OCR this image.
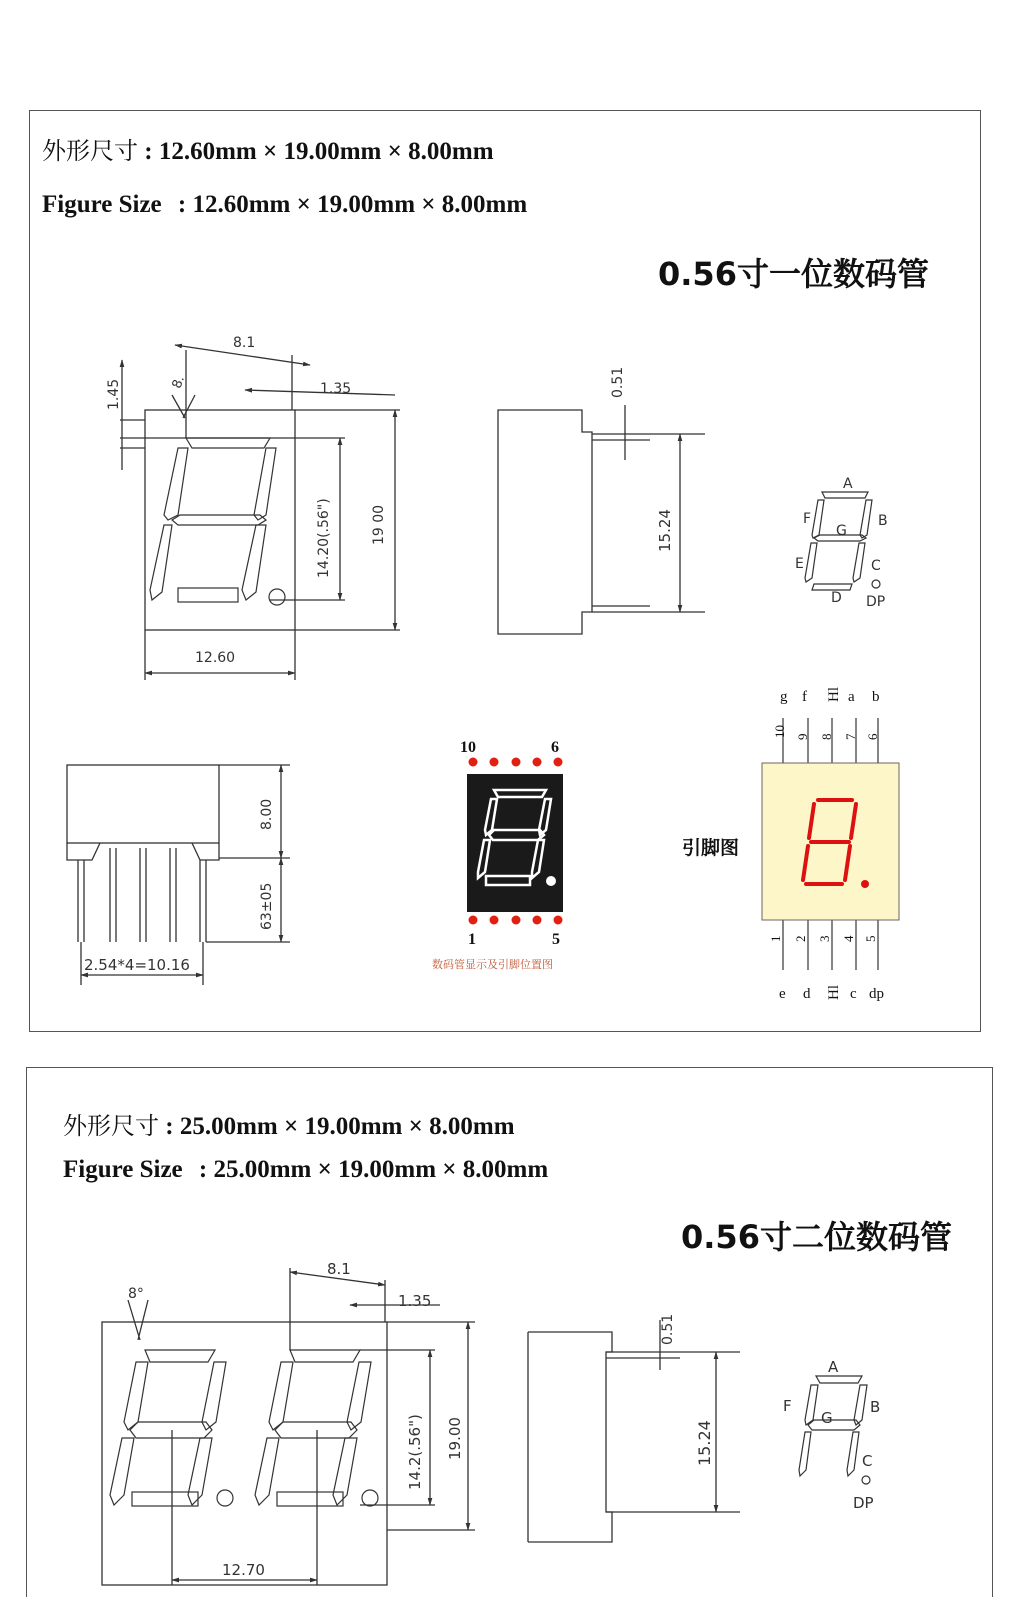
外形尺寸 : 12.60mm × 19.00mm × 8.00mm
Figure Size : 12.60mm × 19.00mm × 8.00mm
0.56寸一位数码管
引脚图
8.1
8.	1.35
1.45
14.20(.56")	19 00
12.60
0.51
15.24
A
B
C
D
E
F
G
DP
8.00
63±05
2.54*4=10.16
10	6
1	5
数码管显示及引脚位置图
g f Hl a b
10 9 8 7 6
1 2 3 4 5
e d Hl c dp
外形尺寸 : 25.00mm × 19.00mm × 8.00mm
Figure Size : 25.00mm × 19.00mm × 8.00mm
0.56寸二位数码管
8°
8.1
1.35
14.2(.56") 19.00
12.70
0.51
15.24
A
B
C
F
G
DP
